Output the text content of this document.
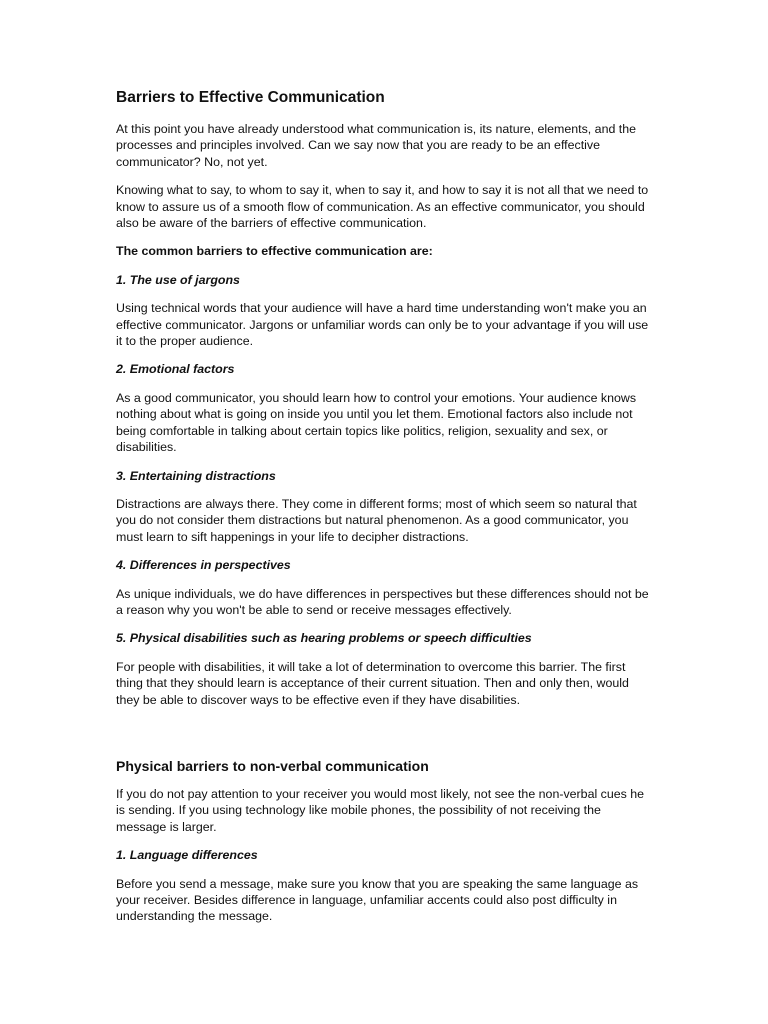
Barriers to Effective Communication

At this point you have already understood what communication is, its nature, elements, and the processes and principles involved. Can we say now that you are ready to be an effective communicator? No, not yet.

Knowing what to say, to whom to say it, when to say it, and how to say it is not all that we need to know to assure us of a smooth flow of communication. As an effective communicator, you should also be aware of the barriers of effective communication.

The common barriers to effective communication are:

1. The use of jargons

Using technical words that your audience will have a hard time understanding won't make you an effective communicator. Jargons or unfamiliar words can only be to your advantage if you will use it to the proper audience.

2. Emotional factors

As a good communicator, you should learn how to control your emotions. Your audience knows nothing about what is going on inside you until you let them. Emotional factors also include not being comfortable in talking about certain topics like politics, religion, sexuality and sex, or disabilities.

3. Entertaining distractions

Distractions are always there. They come in different forms; most of which seem so natural that you do not consider them distractions but natural phenomenon. As a good communicator, you must learn to sift happenings in your life to decipher distractions.

4. Differences in perspectives

As unique individuals, we do have differences in perspectives but these differences should not be a reason why you won't be able to send or receive messages effectively.

5. Physical disabilities such as hearing problems or speech difficulties

For people with disabilities, it will take a lot of determination to overcome this barrier. The first thing that they should learn is acceptance of their current situation. Then and only then, would they be able to discover ways to be effective even if they have disabilities.

Physical barriers to non-verbal communication

If you do not pay attention to your receiver you would most likely, not see the non-verbal cues he is sending. If you using technology like mobile phones, the possibility of not receiving the message is larger.

1. Language differences

Before you send a message, make sure you know that you are speaking the same language as your receiver. Besides difference in language, unfamiliar accents could also post difficulty in understanding the message.
